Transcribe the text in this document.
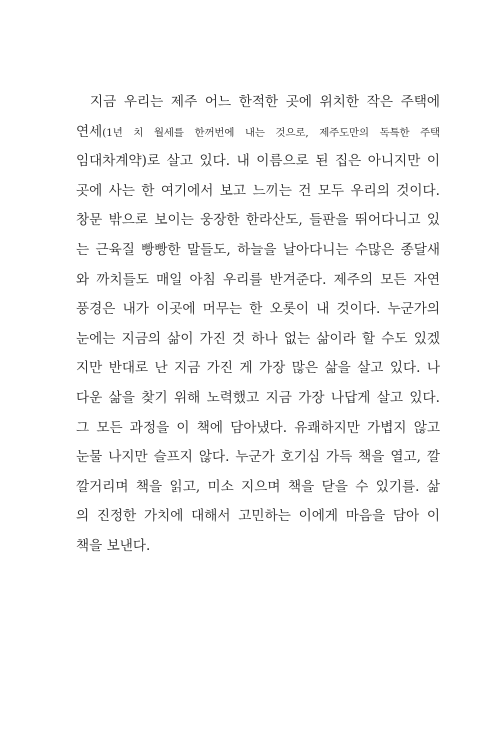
지금 우리는 제주 어느 한적한 곳에 위치한 작은 주택에
연세(1년 치 월세를 한꺼번에 내는 것으로, 제주도만의 독특한 주택
임대차계약)로 살고 있다. 내 이름으로 된 집은 아니지만 이
곳에 사는 한 여기에서 보고 느끼는 건 모두 우리의 것이다.
창문 밖으로 보이는 웅장한 한라산도, 들판을 뛰어다니고 있
는 근육질 빵빵한 말들도, 하늘을 날아다니는 수많은 종달새
와 까치들도 매일 아침 우리를 반겨준다. 제주의 모든 자연
풍경은 내가 이곳에 머무는 한 오롯이 내 것이다. 누군가의
눈에는 지금의 삶이 가진 것 하나 없는 삶이라 할 수도 있겠
지만 반대로 난 지금 가진 게 가장 많은 삶을 살고 있다. 나
다운 삶을 찾기 위해 노력했고 지금 가장 나답게 살고 있다.
그 모든 과정을 이 책에 담아냈다. 유쾌하지만 가볍지 않고
눈물 나지만 슬프지 않다. 누군가 호기심 가득 책을 열고, 깔
깔거리며 책을 읽고, 미소 지으며 책을 닫을 수 있기를. 삶
의 진정한 가치에 대해서 고민하는 이에게 마음을 담아 이
책을 보낸다.
